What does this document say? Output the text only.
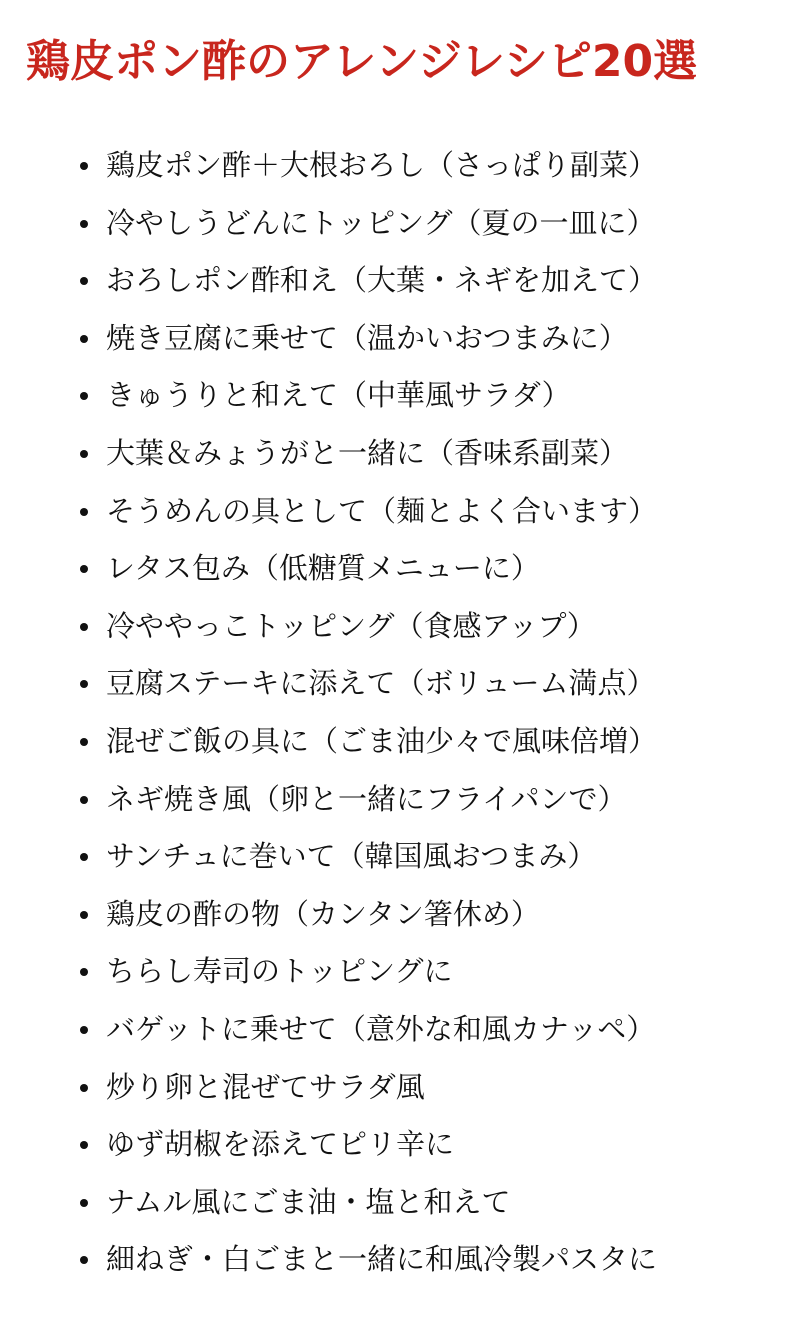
鶏皮ポン酢のアレンジレシピ20選
鶏皮ポン酢＋大根おろし（さっぱり副菜）
冷やしうどんにトッピング（夏の一皿に）
おろしポン酢和え（大葉・ネギを加えて）
焼き豆腐に乗せて（温かいおつまみに）
きゅうりと和えて（中華風サラダ）
大葉＆みょうがと一緒に（香味系副菜）
そうめんの具として（麺とよく合います）
レタス包み（低糖質メニューに）
冷ややっこトッピング（食感アップ）
豆腐ステーキに添えて（ボリューム満点）
混ぜご飯の具に（ごま油少々で風味倍増）
ネギ焼き風（卵と一緒にフライパンで）
サンチュに巻いて（韓国風おつまみ）
鶏皮の酢の物（カンタン箸休め）
ちらし寿司のトッピングに
バゲットに乗せて（意外な和風カナッペ）
炒り卵と混ぜてサラダ風
ゆず胡椒を添えてピリ辛に
ナムル風にごま油・塩と和えて
細ねぎ・白ごまと一緒に和風冷製パスタに
